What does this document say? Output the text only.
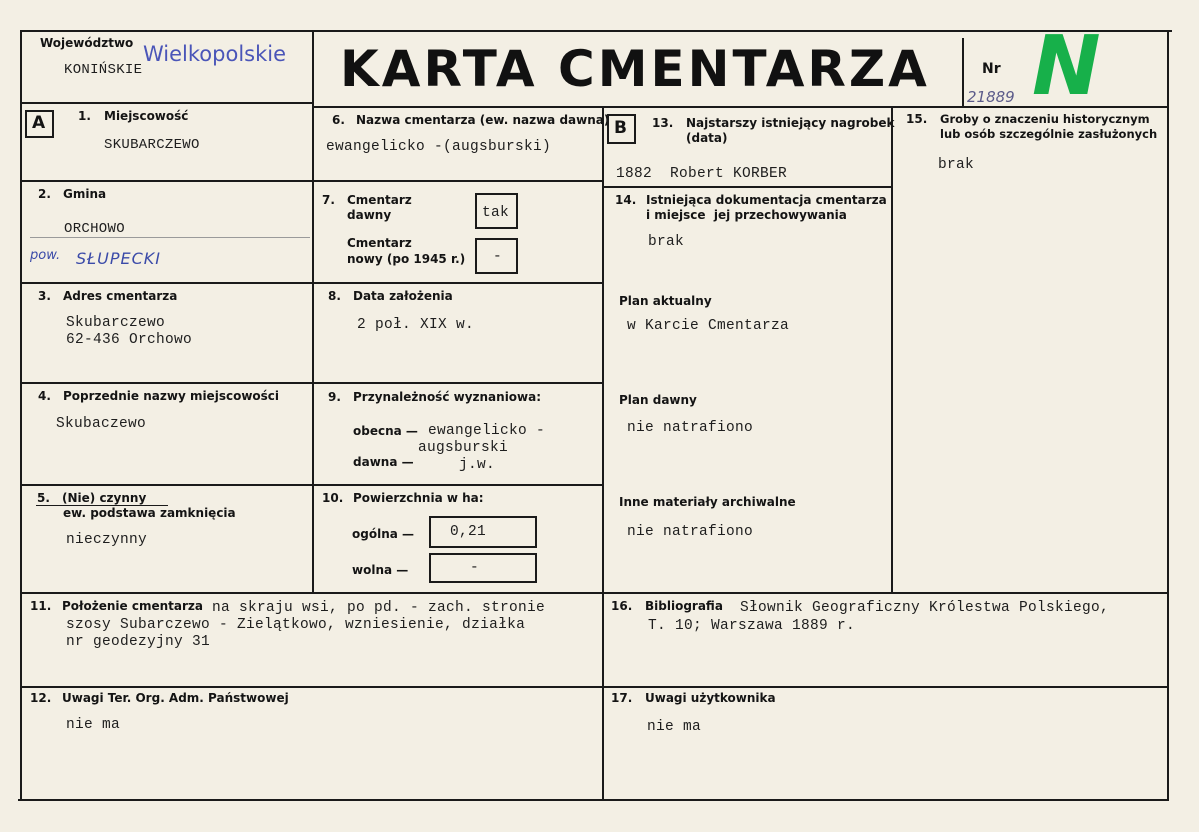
Województwo
KONIŃSKIE
Wielkopolskie KARTA CMENTARZA	Nr
21889 N
A	1. Miejscowość
SKUBARCZEWO
2. Gmina
ORCHOWO
pow. SŁUPECKI
3. Adres cmentarza
Skubarczewo
62-436 Orchowo
4. Poprzednie nazwy miejscowości
Skubaczewo
5. (Nie) czynny
ew. podstawa zamknięcia
nieczynny
6. Nazwa cmentarza (ew. nazwa dawna)
ewangelicko -(augsburski)
7. Cmentarz
dawny	tak
Cmentarz
nowy (po 1945 r.) -
8. Data założenia
2 poł. XIX w.
9. Przynależność wyznaniowa:
obecna — ewangelicko -
augsburski
dawna —	j.w.
10. Powierzchnia w ha:
ogólna — 0,21
wolna —	-
B 13. Najstarszy istniejący nagrobek
(data)
1882  Robert KORBER
14. Istniejąca dokumentacja cmentarza
i miejsce  jej przechowywania
brak
Plan aktualny
w Karcie Cmentarza
Plan dawny
nie natrafiono
Inne materiały archiwalne
nie natrafiono
15. Groby o znaczeniu historycznym
lub osób szczególnie zasłużonych
brak
11. Położenie cmentarza na skraju wsi, po pd. - zach. stronie
szosy Subarczewo - Zielątkowo, wzniesienie, działka
nr geodezyjny 31
16. Bibliografia Słownik Geograficzny Królestwa Polskiego,
T. 10; Warszawa 1889 r.
12. Uwagi Ter. Org. Adm. Państwowej
nie ma
17. Uwagi użytkownika
nie ma
